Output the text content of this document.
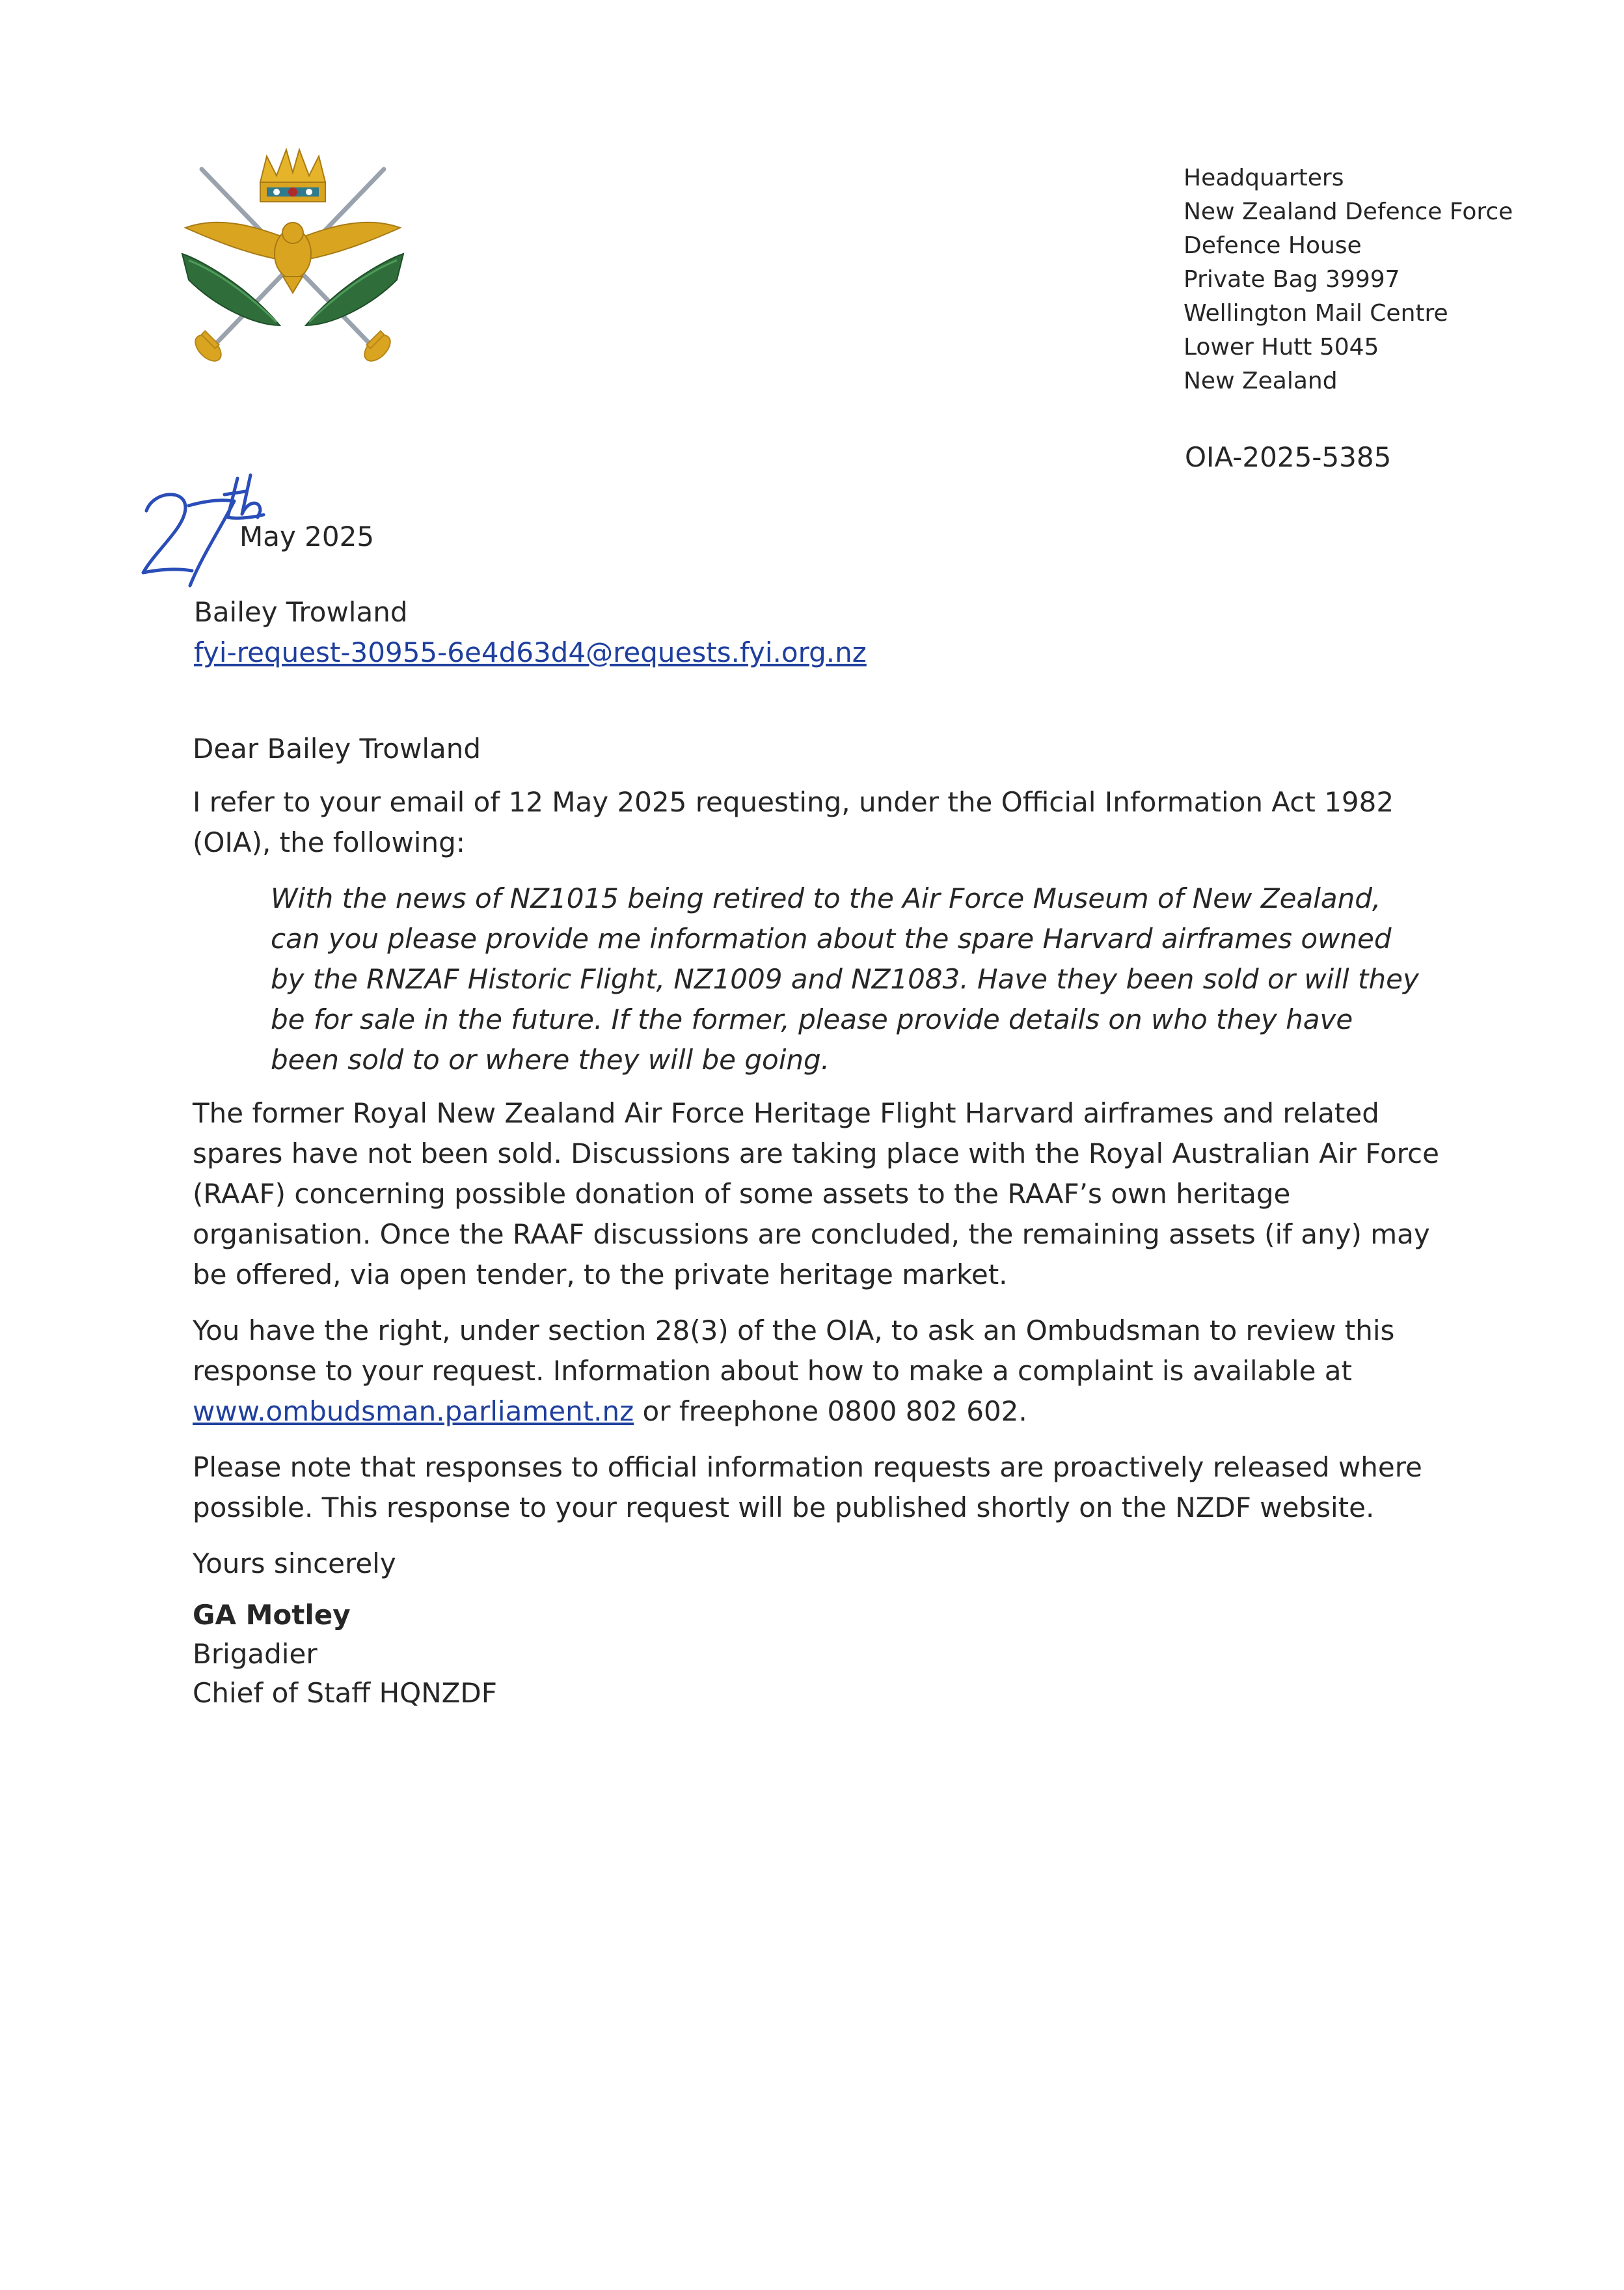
Headquarters
New Zealand Defence Force
Defence House
Private Bag 39997
Wellington Mail Centre
Lower Hutt 5045
New Zealand
OIA-2025-5385
May 2025
Bailey Trowland
fyi-request-30955-6e4d63d4@requests.fyi.org.nz

Dear Bailey Trowland

I refer to your email of 12 May 2025 requesting, under the Official Information Act 1982 (OIA), the following:

With the news of NZ1015 being retired to the Air Force Museum of New Zealand, can you please provide me information about the spare Harvard airframes owned by the RNZAF Historic Flight, NZ1009 and NZ1083. Have they been sold or will they be for sale in the future. If the former, please provide details on who they have been sold to or where they will be going.

The former Royal New Zealand Air Force Heritage Flight Harvard airframes and related spares have not been sold. Discussions are taking place with the Royal Australian Air Force (RAAF) concerning possible donation of some assets to the RAAF’s own heritage organisation. Once the RAAF discussions are concluded, the remaining assets (if any) may be offered, via open tender, to the private heritage market.

You have the right, under section 28(3) of the OIA, to ask an Ombudsman to review this response to your request. Information about how to make a complaint is available at www.ombudsman.parliament.nz or freephone 0800 802 602.

Please note that responses to official information requests are proactively released where possible. This response to your request will be published shortly on the NZDF website.

Yours sincerely

GA Motley
Brigadier
Chief of Staff HQNZDF
